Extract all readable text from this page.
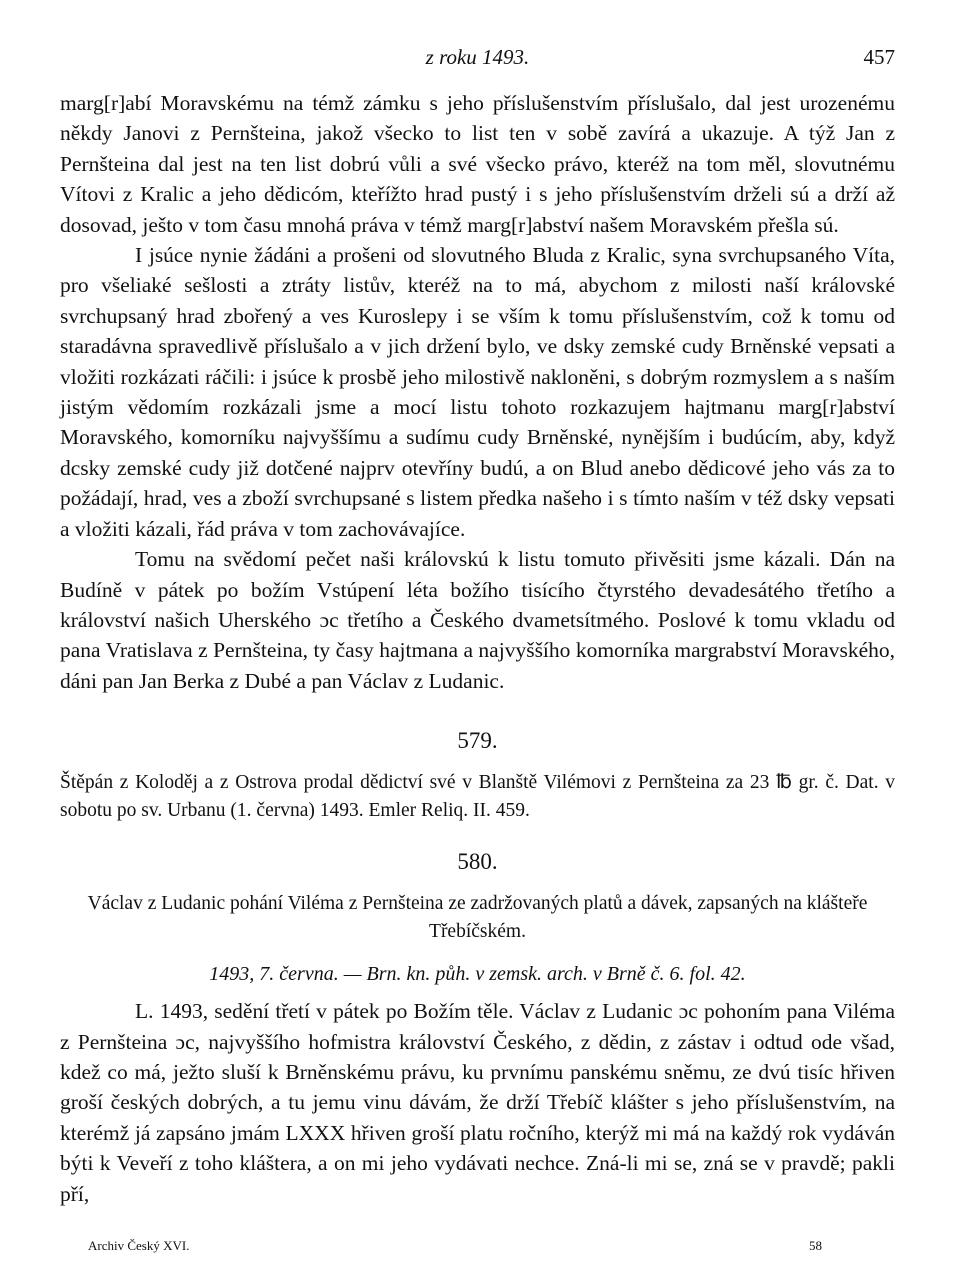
z roku 1493.	457

marg[r]abí Moravskému na témž zámku s jeho příslušenstvím příslušalo, dal jest urozenému někdy Janovi z Pernšteina, jakož všecko to list ten v sobě zavírá a ukazuje. A týž Jan z Pernšteina dal jest na ten list dobrú vůli a své všecko právo, kteréž na tom měl, slovutnému Vítovi z Kralic a jeho dědicóm, kteřížto hrad pustý i s jeho příslušenstvím drželi sú a drží až dosovad, ješto v tom času mnohá práva v témž marg[r]abství našem Moravském přešla sú.

I jsúce nynie žádáni a prošeni od slovutného Bluda z Kralic, syna svrchupsaného Víta, pro všeliaké sešlosti a ztráty listův, kteréž na to má, abychom z milosti naší královské svrchupsaný hrad zbořený a ves Kuroslepy i se vším k tomu příslušenstvím, což k tomu od staradávna spravedlivě příslušalo a v jich držení bylo, ve dsky zemské cudy Brněnské vepsati a vložiti rozkázati ráčili: i jsúce k prosbě jeho milostivě nakloněni, s dobrým rozmyslem a s naším jistým vědomím rozkázali jsme a mocí listu tohoto rozkazujem hajtmanu marg[r]abství Moravského, komorníku najvyššímu a sudímu cudy Brněnské, nynějším i budúcím, aby, když dcsky zemské cudy již dotčené najprv otevříny budú, a on Blud anebo dědicové jeho vás za to požádají, hrad, ves a zboží svrchupsané s listem předka našeho i s tímto naším v též dsky vepsati a vložiti kázali, řád práva v tom zachovávajíce.

Tomu na svědomí pečet naši královskú k listu tomuto přivěsiti jsme kázali. Dán na Budíně v pátek po božím Vstúpení léta božího tisícího čtyrstého devadesátého třetího a království našich Uherského ɔc třetího a Českého dvametsítmého. Poslové k tomu vkladu od pana Vratislava z Pernšteina, ty časy hajtmana a najvyššího komorníka margrabství Moravského, dáni pan Jan Berka z Dubé a pan Václav z Ludanic.

579.

Štěpán z Koloděj a z Ostrova prodal dědictví své v Blanště Vilémovi z Pernšteina za 23 ℔ gr. č. Dat. v sobotu po sv. Urbanu (1. června) 1493. Emler Reliq. II. 459.

580.

Václav z Ludanic pohání Viléma z Pernšteina ze zadržovaných platů a dávek, zapsaných na klášteře Třebíčském.

1493, 7. června. — Brn. kn. půh. v zemsk. arch. v Brně č. 6. fol. 42.

L. 1493, sedění třetí v pátek po Božím těle. Václav z Ludanic ɔc pohoním pana Viléma z Pernšteina ɔc, najvyššího hofmistra království Českého, z dědin, z zástav i odtud ode všad, kdež co má, ježto sluší k Brněnskému právu, ku prvnímu panskému sněmu, ze dvú tisíc hřiven groší českých dobrých, a tu jemu vinu dávám, že drží Třebíč klášter s jeho příslušenstvím, na kterémž já zapsáno jmám LXXX hřiven groší platu ročního, kterýž mi má na každý rok vydáván býti k Veveří z toho kláštera, a on mi jeho vydávati nechce. Zná-li mi se, zná se v pravdě; pakli pří,

Archiv Český XVI.	58
